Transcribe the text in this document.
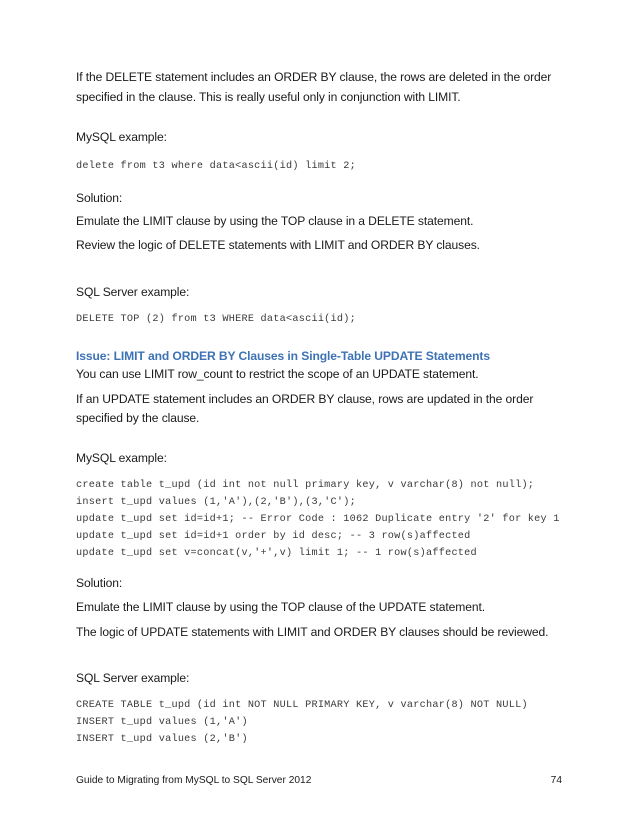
If the DELETE statement includes an ORDER BY clause, the rows are deleted in the order

specified in the clause. This is really useful only in conjunction with LIMIT.

MySQL example:

delete from t3 where data<ascii(id) limit 2;

Solution:

Emulate the LIMIT clause by using the TOP clause in a DELETE statement.

Review the logic of DELETE statements with LIMIT and ORDER BY clauses.

SQL Server example:

DELETE TOP (2) from t3 WHERE data<ascii(id);

Issue: LIMIT and ORDER BY Clauses in Single-Table UPDATE Statements

You can use LIMIT row_count to restrict the scope of an UPDATE statement.

If an UPDATE statement includes an ORDER BY clause, rows are updated in the order

specified by the clause.

MySQL example:

create table t_upd (id int not null primary key, v varchar(8) not null);

insert t_upd values (1,'A'),(2,'B'),(3,'C');

update t_upd set id=id+1; -- Error Code : 1062 Duplicate entry '2' for key 1

update t_upd set id=id+1 order by id desc; -- 3 row(s)affected

update t_upd set v=concat(v,'+',v) limit 1; -- 1 row(s)affected

Solution:

Emulate the LIMIT clause by using the TOP clause of the UPDATE statement.

The logic of UPDATE statements with LIMIT and ORDER BY clauses should be reviewed.

SQL Server example:

CREATE TABLE t_upd (id int NOT NULL PRIMARY KEY, v varchar(8) NOT NULL)

INSERT t_upd values (1,'A')

INSERT t_upd values (2,'B')

Guide to Migrating from MySQL to SQL Server 2012	74
